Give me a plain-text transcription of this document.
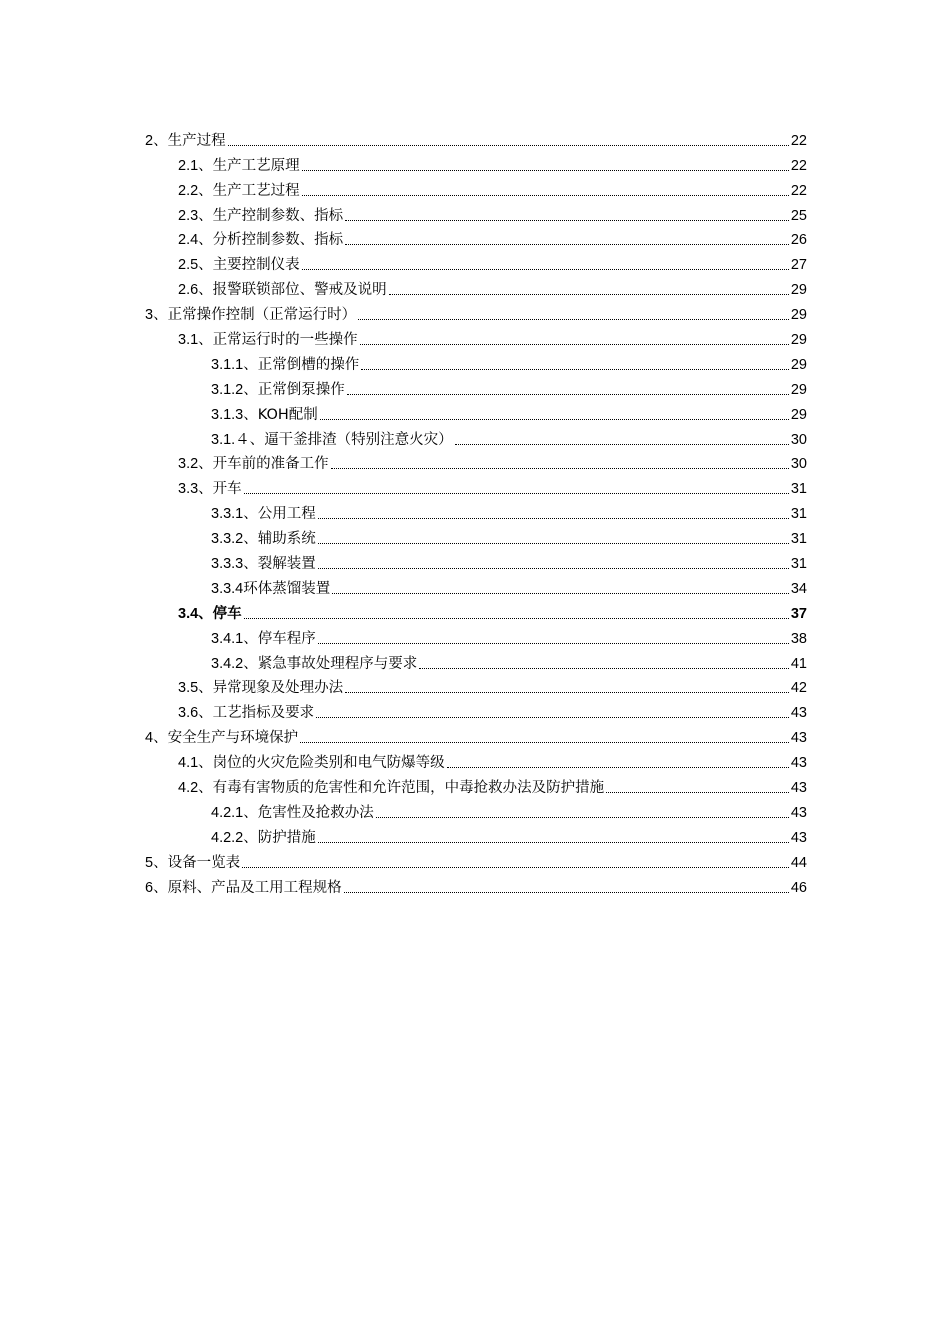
2、 生产过程	22
2.1、 生产工艺原理	22
2.2、 生产工艺过程	22
2.3、 生产控制参数、指标	25
2.4、 分析控制参数、指标	26
2.5、 主要控制仪表	27
2.6、 报警联锁部位、警戒及说明	29
3、 正常操作控制（正常运行时）	29
3.1、 正常运行时的一些操作	29
3.1.1、 正常倒槽的操作	29
3.1.2、 正常倒泵操作	29
3.1.3、 KOH配制	29
3.1.４、 逼干釜排渣（特别注意火灾）	30
3.2、 开车前的准备工作	30
3.3、 开车	31
3.3.1、 公用工程	31
3.3.2、 辅助系统	31
3.3.3、 裂解装置	31
3.3.4 环体蒸馏装置	34
3.4、 停车	37
3.4.1、 停车程序	38
3.4.2、 紧急事故处理程序与要求	41
3.5、 异常现象及处理办法	42
3.6、 工艺指标及要求	43
4、 安全生产与环境保护	43
4.1、 岗位的火灾危险类别和电气防爆等级	43
4.2、 有毒有害物质的危害性和允许范围，中毒抢救办法及防护措施	43
4.2.1、 危害性及抢救办法	43
4.2.2、 防护措施	43
5、 设备一览表	44
6、 原料、产品及工用工程规格	46
